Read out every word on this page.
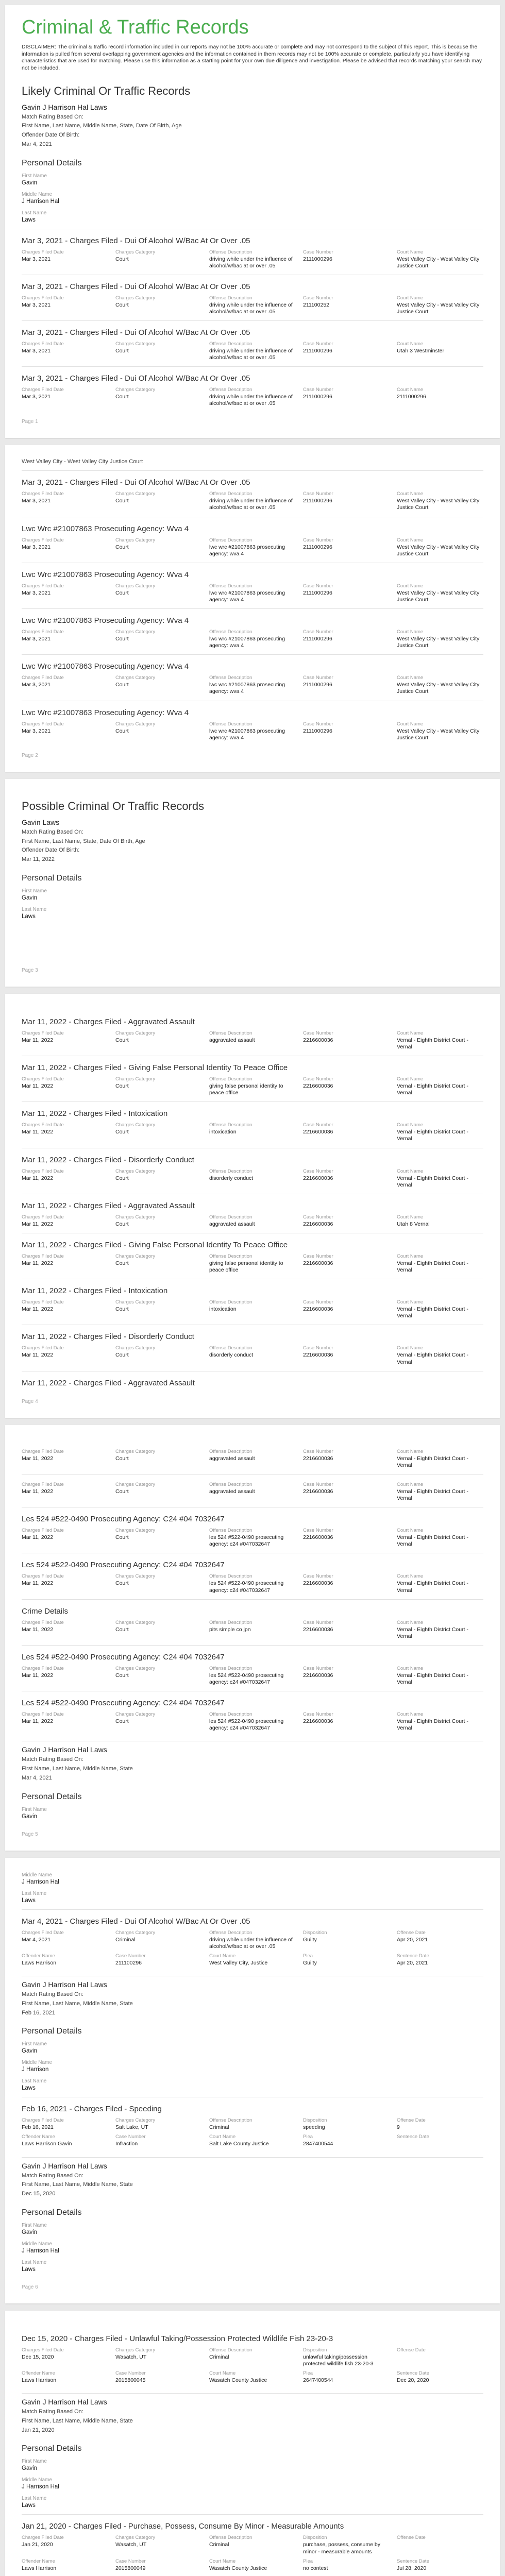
Criminal & Traffic Records
DISCLAIMER: The criminal & traffic record information included in our reports may not be 100% accurate or complete and may not correspond to the subject of this report. This is because the information is pulled from several overlapping government agencies and the information contained in them records may not be 100% accurate or complete, particularly you have identifying characteristics that are used for matching. Please use this information as a starting point for your own due diligence and investigation. Please be advised that records matching your search may not be included.
Likely Criminal Or Traffic Records
Gavin J Harrison Hal Laws
Match Rating Based On:
First Name, Last Name, Middle Name, State, Date Of Birth, Age
Offender Date Of Birth:
Mar 4, 2021
Personal Details
First Name
Gavin
Middle Name
J Harrison Hal
Last Name
Laws
Mar 3, 2021 - Charges Filed - Dui Of Alcohol W/Bac At Or Over .05
Charges Filed Date
Mar 3, 2021
Charges Category
Court
Offense Description
driving while under the influence of alcohol/w/bac at or over .05
Case Number
2111000296
Court Name
West Valley City - West Valley City Justice Court
Mar 3, 2021 - Charges Filed - Dui Of Alcohol W/Bac At Or Over .05
Charges Filed Date
Mar 3, 2021
Charges Category
Court
Offense Description
driving while under the influence of alcohol/w/bac at or over .05
Case Number
211100252
Court Name
West Valley City - West Valley City Justice Court
Mar 3, 2021 - Charges Filed - Dui Of Alcohol W/Bac At Or Over .05
Charges Filed Date
Mar 3, 2021
Charges Category
Court
Offense Description
driving while under the influence of alcohol/w/bac at or over .05
Case Number
2111000296
Court Name
Utah 3 Westminster
Mar 3, 2021 - Charges Filed - Dui Of Alcohol W/Bac At Or Over .05
Charges Filed Date
Mar 3, 2021
Charges Category
Court
Offense Description
driving while under the influence of alcohol/w/bac at or over .05
Case Number
2111000296
Court Name
2111000296
Page 1
West Valley City - West Valley City Justice Court
Mar 3, 2021 - Charges Filed - Dui Of Alcohol W/Bac At Or Over .05
Charges Filed Date
Mar 3, 2021
Charges Category
Court
Offense Description
driving while under the influence of alcohol/w/bac at or over .05
Case Number
2111000296
Court Name
West Valley City - West Valley City Justice Court
Lwc Wrc #21007863 Prosecuting Agency: Wva 4
Charges Filed Date
Mar 3, 2021
Charges Category
Court
Offense Description
lwc wrc #21007863 prosecuting agency: wva 4
Case Number
2111000296
Court Name
West Valley City - West Valley City Justice Court
Lwc Wrc #21007863 Prosecuting Agency: Wva 4
Charges Filed Date
Mar 3, 2021
Charges Category
Court
Offense Description
lwc wrc #21007863 prosecuting agency: wva 4
Case Number
2111000296
Court Name
West Valley City - West Valley City Justice Court
Lwc Wrc #21007863 Prosecuting Agency: Wva 4
Charges Filed Date
Mar 3, 2021
Charges Category
Court
Offense Description
lwc wrc #21007863 prosecuting agency: wva 4
Case Number
2111000296
Court Name
West Valley City - West Valley City Justice Court
Lwc Wrc #21007863 Prosecuting Agency: Wva 4
Charges Filed Date
Mar 3, 2021
Charges Category
Court
Offense Description
lwc wrc #21007863 prosecuting agency: wva 4
Case Number
2111000296
Court Name
West Valley City - West Valley City Justice Court
Lwc Wrc #21007863 Prosecuting Agency: Wva 4
Charges Filed Date
Mar 3, 2021
Charges Category
Court
Offense Description
lwc wrc #21007863 prosecuting agency: wva 4
Case Number
2111000296
Court Name
West Valley City - West Valley City Justice Court
Page 2
Possible Criminal Or Traffic Records
Gavin Laws
Match Rating Based On:
First Name, Last Name, State, Date Of Birth, Age
Offender Date Of Birth:
Mar 11, 2022
Personal Details
First Name
Gavin
Last Name
Laws
Page 3
Mar 11, 2022 - Charges Filed - Aggravated Assault
Charges Filed Date
Mar 11, 2022
Charges Category
Court
Offense Description
aggravated assault
Case Number
2216600036
Court Name
Vernal - Eighth District Court - Vernal
Mar 11, 2022 - Charges Filed - Giving False Personal Identity To Peace Office
Charges Filed Date
Mar 11, 2022
Charges Category
Court
Offense Description
giving false personal identity to peace office
Case Number
2216600036
Court Name
Vernal - Eighth District Court - Vernal
Mar 11, 2022 - Charges Filed - Intoxication
Charges Filed Date
Mar 11, 2022
Charges Category
Court
Offense Description
intoxication
Case Number
2216600036
Court Name
Vernal - Eighth District Court - Vernal
Mar 11, 2022 - Charges Filed - Disorderly Conduct
Charges Filed Date
Mar 11, 2022
Charges Category
Court
Offense Description
disorderly conduct
Case Number
2216600036
Court Name
Vernal - Eighth District Court - Vernal
Mar 11, 2022 - Charges Filed - Aggravated Assault
Charges Filed Date
Mar 11, 2022
Charges Category
Court
Offense Description
aggravated assault
Case Number
2216600036
Court Name
Utah 8 Vernal
Mar 11, 2022 - Charges Filed - Giving False Personal Identity To Peace Office
Charges Filed Date
Mar 11, 2022
Charges Category
Court
Offense Description
giving false personal identity to peace office
Case Number
2216600036
Court Name
Vernal - Eighth District Court - Vernal
Mar 11, 2022 - Charges Filed - Intoxication
Charges Filed Date
Mar 11, 2022
Charges Category
Court
Offense Description
intoxication
Case Number
2216600036
Court Name
Vernal - Eighth District Court - Vernal
Mar 11, 2022 - Charges Filed - Disorderly Conduct
Charges Filed Date
Mar 11, 2022
Charges Category
Court
Offense Description
disorderly conduct
Case Number
2216600036
Court Name
Vernal - Eighth District Court - Vernal
Mar 11, 2022 - Charges Filed - Aggravated Assault
Page 4
Charges Filed Date
Mar 11, 2022
Charges Category
Court
Offense Description
aggravated assault
Case Number
2216600036
Court Name
Vernal - Eighth District Court - Vernal
Charges Filed Date
Mar 11, 2022
Charges Category
Court
Offense Description
aggravated assault
Case Number
2216600036
Court Name
Vernal - Eighth District Court - Vernal
Les 524 #522-0490 Prosecuting Agency: C24 #04 7032647
Charges Filed Date
Mar 11, 2022
Charges Category
Court
Offense Description
les 524 #522-0490 prosecuting agency: c24 #047032647
Case Number
2216600036
Court Name
Vernal - Eighth District Court - Vernal
Les 524 #522-0490 Prosecuting Agency: C24 #04 7032647
Charges Filed Date
Mar 11, 2022
Charges Category
Court
Offense Description
les 524 #522-0490 prosecuting agency: c24 #047032647
Case Number
2216600036
Court Name
Vernal - Eighth District Court - Vernal
Crime Details
Charges Filed Date
Mar 11, 2022
Charges Category
Court
Offense Description
pits simple co jpn
Case Number
2216600036
Court Name
Vernal - Eighth District Court - Vernal
Les 524 #522-0490 Prosecuting Agency: C24 #04 7032647
Charges Filed Date
Mar 11, 2022
Charges Category
Court
Offense Description
les 524 #522-0490 prosecuting agency: c24 #047032647
Case Number
2216600036
Court Name
Vernal - Eighth District Court - Vernal
Les 524 #522-0490 Prosecuting Agency: C24 #04 7032647
Charges Filed Date
Mar 11, 2022
Charges Category
Court
Offense Description
les 524 #522-0490 prosecuting agency: c24 #047032647
Case Number
2216600036
Court Name
Vernal - Eighth District Court - Vernal
Gavin J Harrison Hal Laws
Match Rating Based On:
First Name, Last Name, Middle Name, State
Mar 4, 2021
Personal Details
First Name
Gavin
Page 5
Middle Name
J Harrison Hal
Last Name
Laws
Mar 4, 2021 - Charges Filed - Dui Of Alcohol W/Bac At Or Over .05
Charges Filed Date
Mar 4, 2021
Charges Category
Criminal
Offense Description
driving while under the influence of alcohol/w/bac at or over .05
Disposition
Guilty
Offense Date
Apr 20, 2021
Offender Name
Laws Harrison
Case Number
211100296
Court Name
West Valley City, Justice
Plea
Guilty
Sentence Date
Apr 20, 2021
Gavin J Harrison Hal Laws
Match Rating Based On:
First Name, Last Name, Middle Name, State
Feb 16, 2021
Personal Details
First Name
Gavin
Middle Name
J Harrison
Last Name
Laws
Feb 16, 2021 - Charges Filed - Speeding
Charges Filed Date
Feb 16, 2021
Charges Category
Salt Lake, UT
Offense Description
Criminal
Disposition
speeding
Offense Date
9
Offender Name
Laws Harrison Gavin
Case Number
Infraction
Court Name
Salt Lake County Justice
Plea
2847400544
Sentence Date
Gavin J Harrison Hal Laws
Match Rating Based On:
First Name, Last Name, Middle Name, State
Dec 15, 2020
Personal Details
First Name
Gavin
Middle Name
J Harrison Hal
Last Name
Laws
Page 6
Dec 15, 2020 - Charges Filed - Unlawful Taking/Possession Protected Wildlife Fish 23-20-3
Charges Filed Date
Dec 15, 2020
Charges Category
Wasatch, UT
Offense Description
Criminal
Disposition
unlawful taking/possession protected wildlife fish 23-20-3
Offense Date
Offender Name
Laws Harrison
Case Number
2015800045
Court Name
Wasatch County Justice
Plea
2647400544
Sentence Date
Dec 20, 2020
Gavin J Harrison Hal Laws
Match Rating Based On:
First Name, Last Name, Middle Name, State
Jan 21, 2020
Personal Details
First Name
Gavin
Middle Name
J Harrison Hal
Last Name
Laws
Jan 21, 2020 - Charges Filed - Purchase, Possess, Consume By Minor - Measurable Amounts
Charges Filed Date
Jan 21, 2020
Charges Category
Wasatch, UT
Offense Description
Criminal
Disposition
purchase, possess, consume by minor - measurable amounts
Offense Date
Offender Name
Laws Harrison
Case Number
2015800049
Court Name
Wasatch County Justice
Plea
no contest
Sentence Date
Jul 28, 2020
